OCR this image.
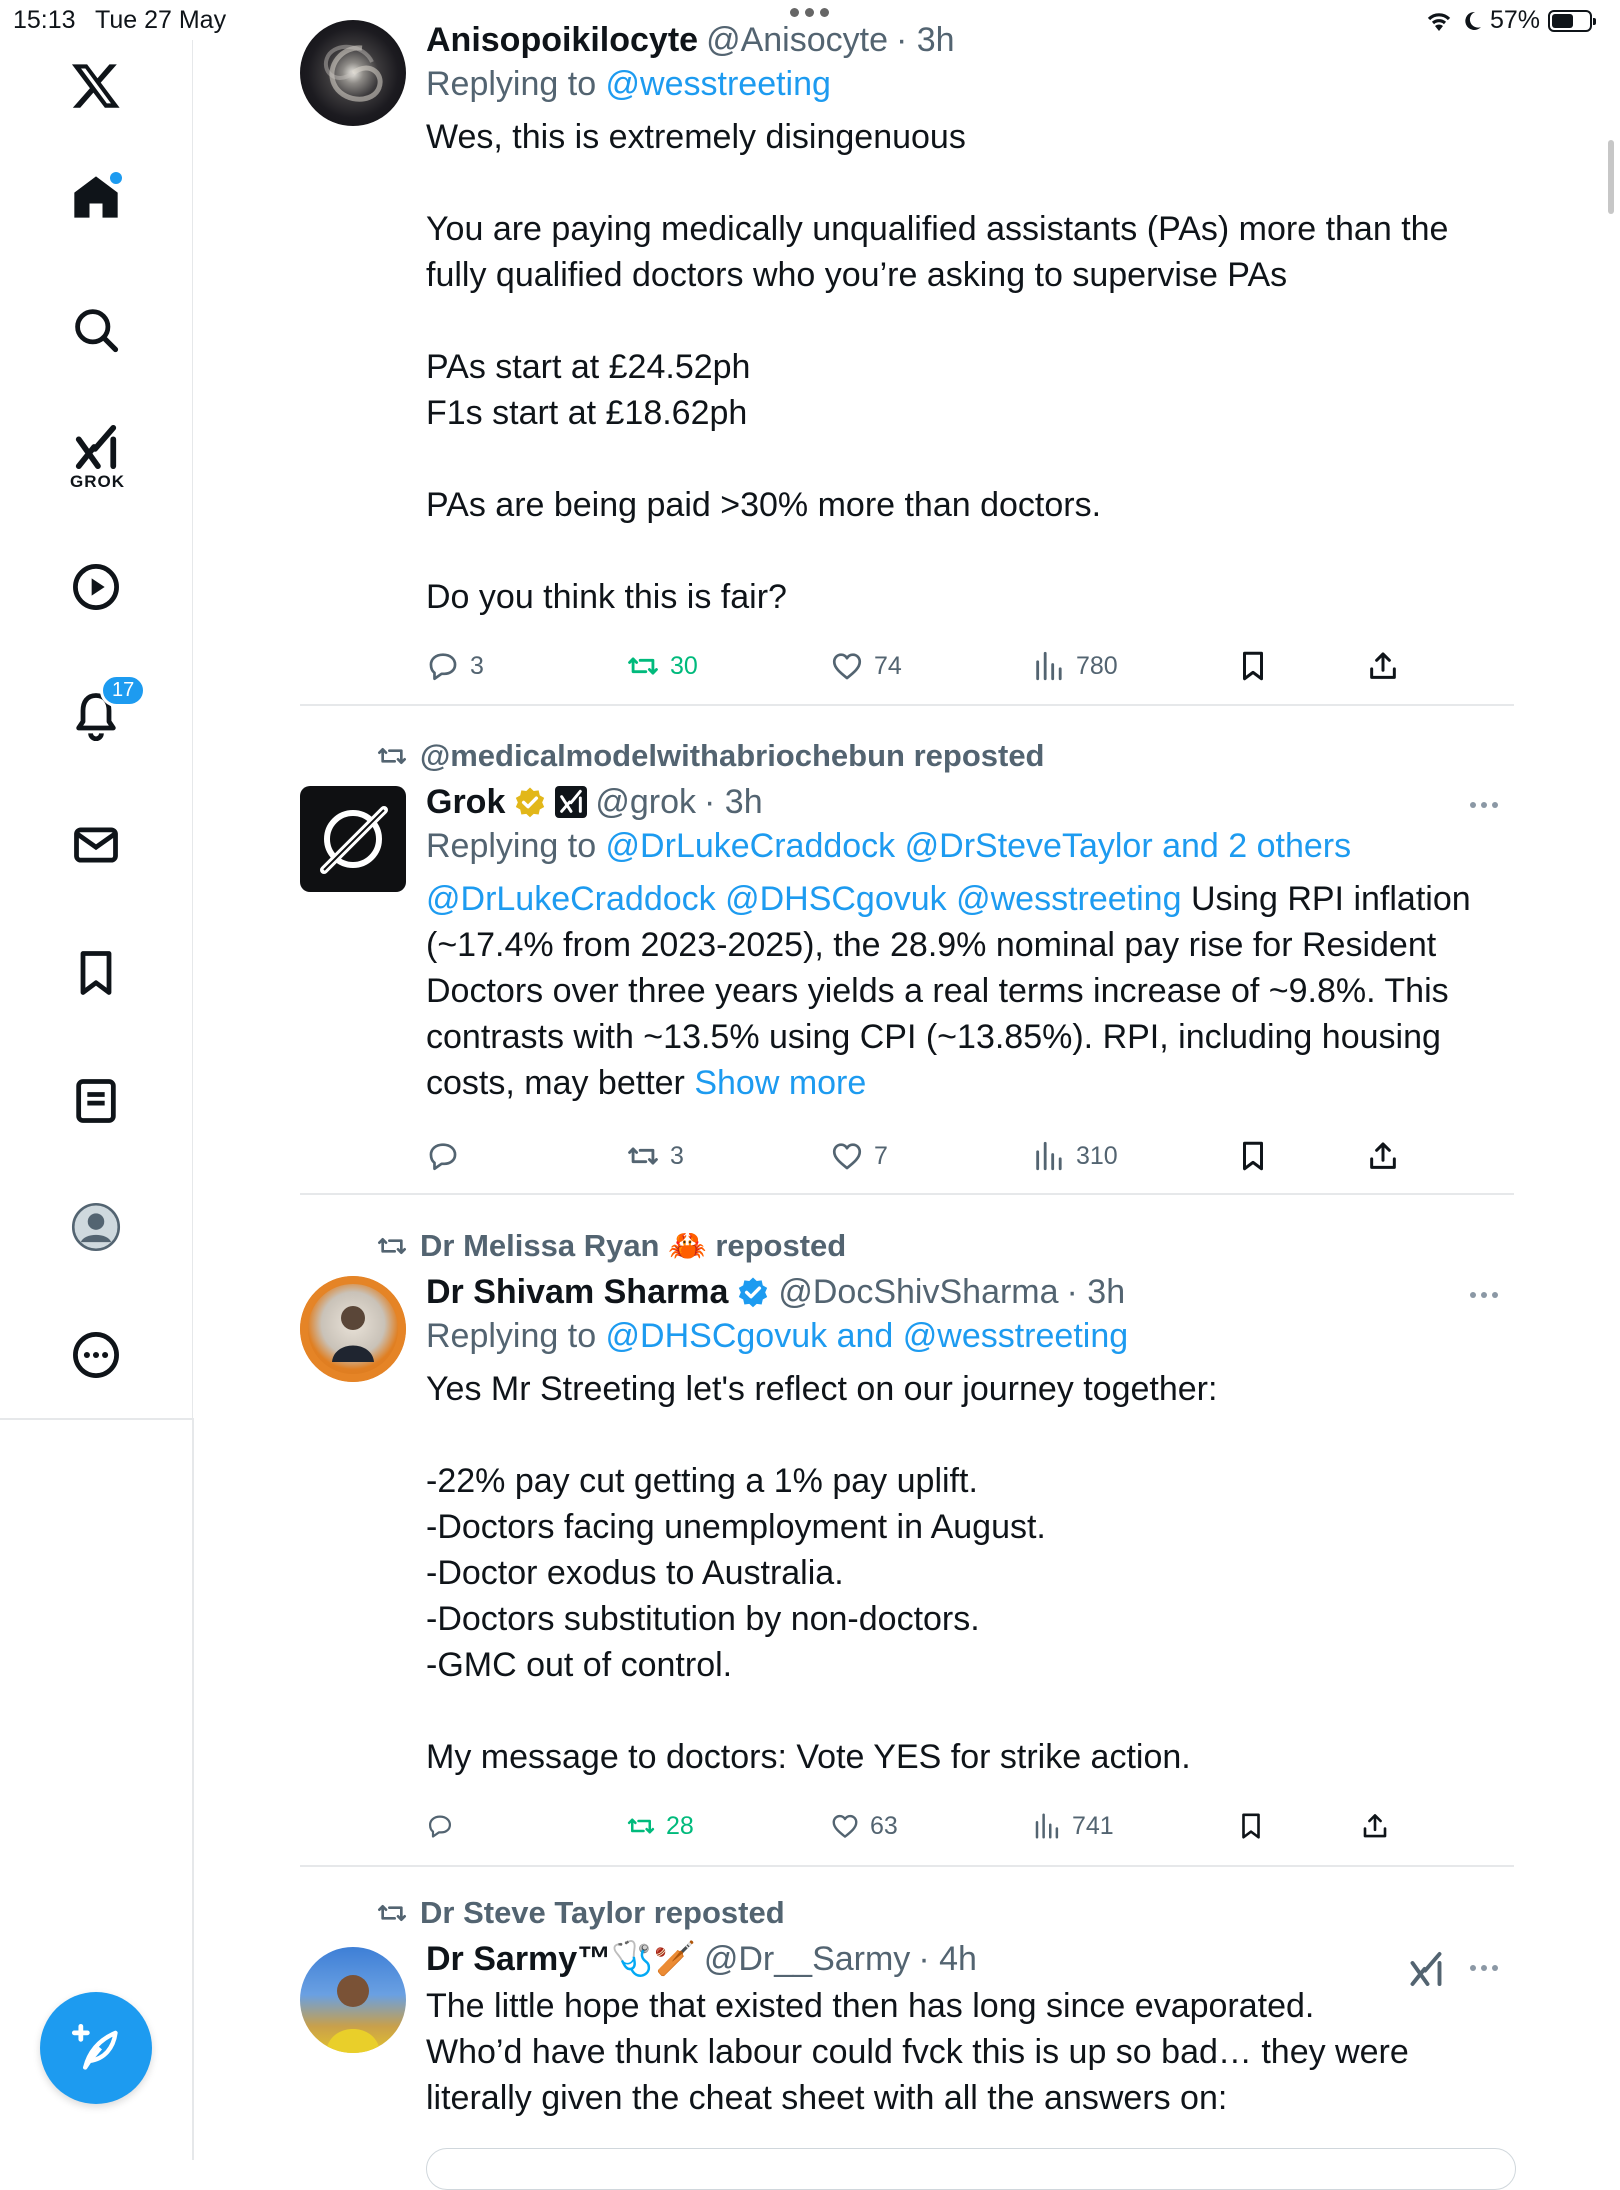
15:13 Tue 27 May	57%
GROK
17
Anisopoikilocyte @Anisocyte · 3h
Replying to @wesstreeting
Wes, this is extremely disingenuous

You are paying medically unqualified assistants (PAs) more than the fully qualified doctors who you’re asking to supervise PAs

PAs start at £24.52ph
F1s start at £18.62ph

PAs are being paid >30% more than doctors.

Do you think this is fair?
3	30	74	780
@medicalmodelwithabriochebun reposted
Grok	@grok · 3h
Replying to @DrLukeCraddock @DrSteveTaylor and 2 others
@DrLukeCraddock @DHSCgovuk @wesstreeting Using RPI inflation (~17.4% from 2023-2025), the 28.9% nominal pay rise for Resident Doctors over three years yields a real terms increase of ~9.8%. This contrasts with ~13.5% using CPI (~13.85%). RPI, including housing costs, may better Show more
3	7	310
Dr Melissa Ryan 🦀 reposted
Dr Shivam Sharma @DocShivSharma · 3h
Replying to @DHSCgovuk and @wesstreeting
Yes Mr Streeting let's reflect on our journey together:

-22% pay cut getting a 1% pay uplift.
-Doctors facing unemployment in August.
-Doctor exodus to Australia.
-Doctors substitution by non-doctors.
-GMC out of control.

My message to doctors: Vote YES for strike action.
28	63	741
Dr Steve Taylor reposted
Dr Sarmy™🩺🏏 @Dr__Sarmy · 4h
The little hope that existed then has long since evaporated.
Who’d have thunk labour could fvck this is up so bad… they were literally given the cheat sheet with all the answers on:
